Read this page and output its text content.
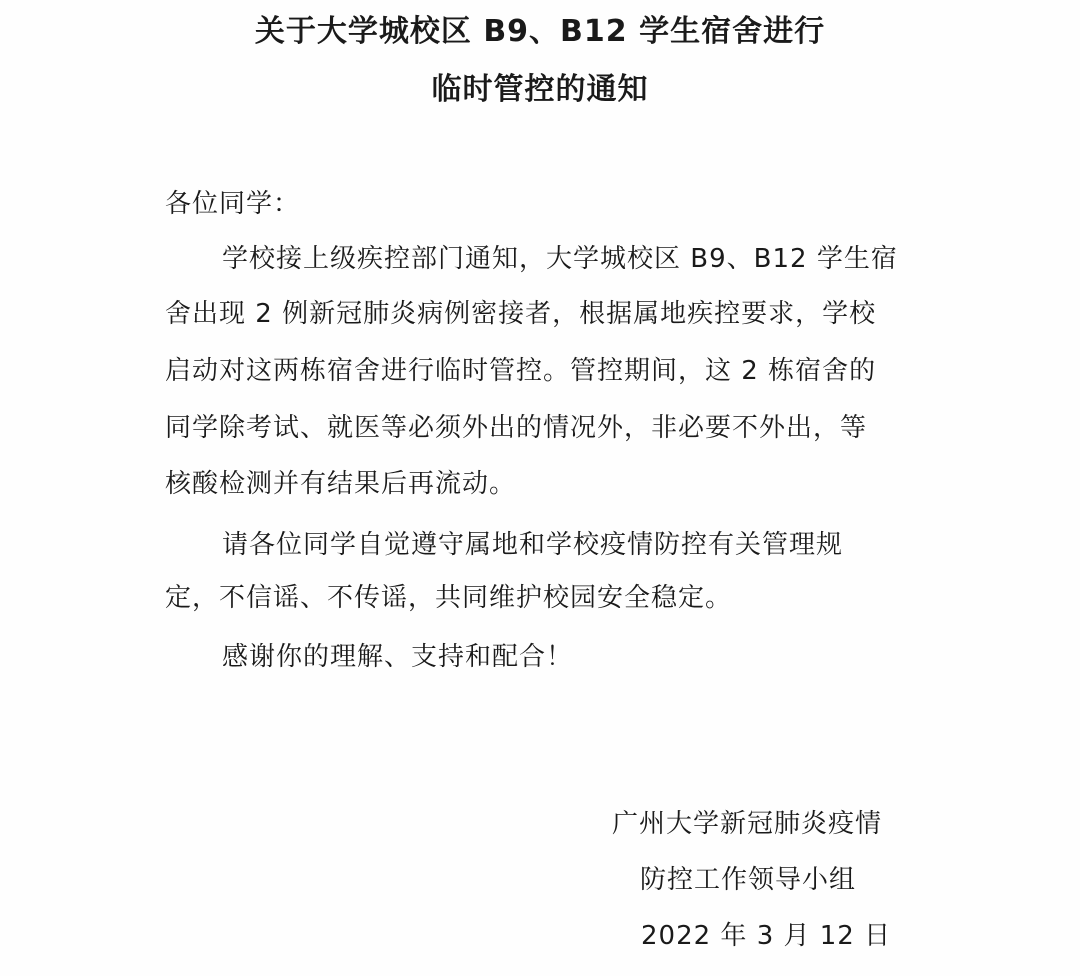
关于大学城校区 B9、B12 学生宿舍进行
临时管控的通知
各位同学：
学校接上级疾控部门通知，大学城校区 B9、B12 学生宿
舍出现 2 例新冠肺炎病例密接者，根据属地疾控要求，学校
启动对这两栋宿舍进行临时管控。管控期间，这 2 栋宿舍的
同学除考试、就医等必须外出的情况外，非必要不外出，等
核酸检测并有结果后再流动。
请各位同学自觉遵守属地和学校疫情防控有关管理规
定，不信谣、不传谣，共同维护校园安全稳定。
感谢你的理解、支持和配合！
广州大学新冠肺炎疫情
防控工作领导小组
2022 年 3 月 12 日
